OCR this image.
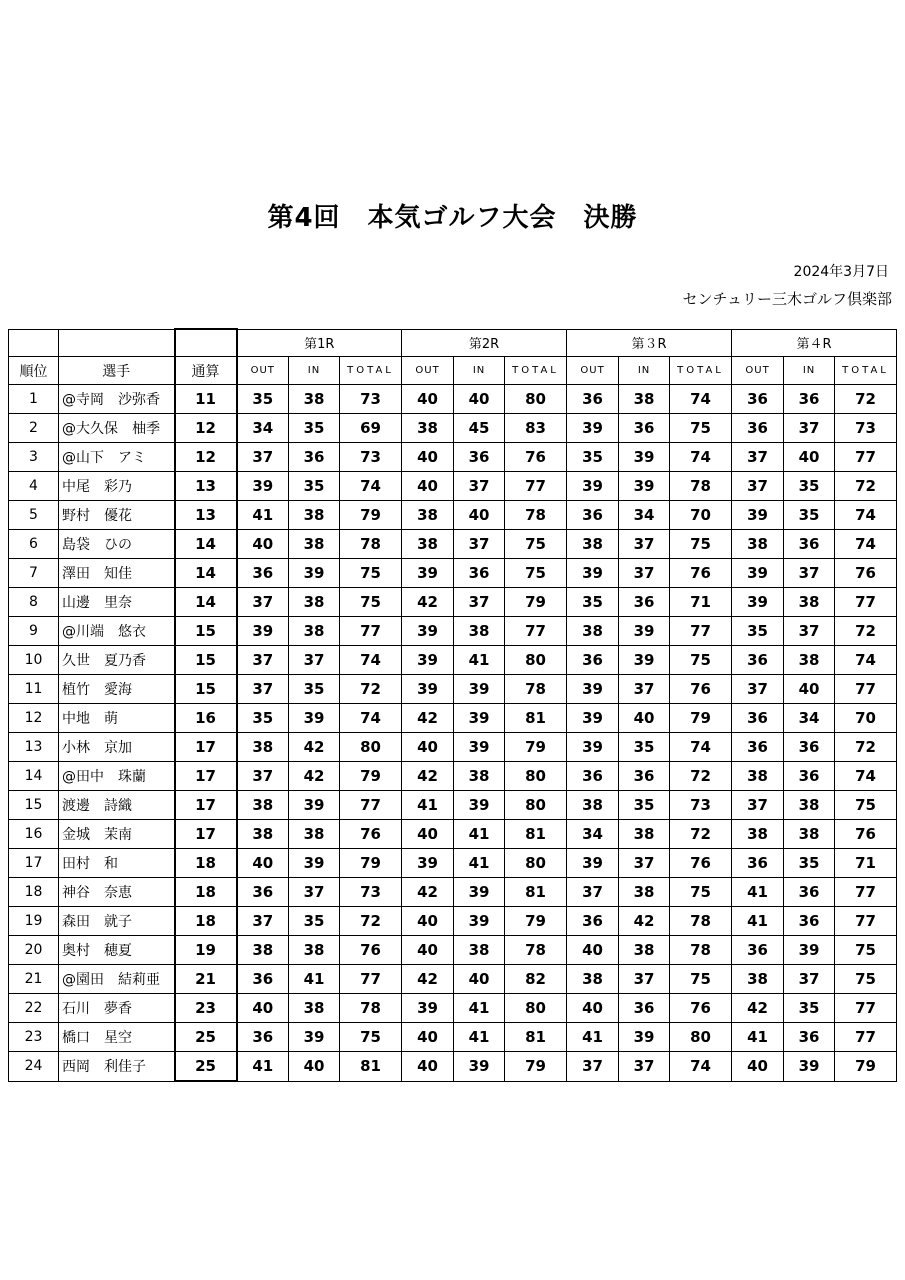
第4回　本気ゴルフ大会　決勝
2024年3月7日
センチュリー三木ゴルフ倶楽部
			第1R			第2R			第３R			第４R		
順位	選手	通算	OUT	IN	TOTAL	OUT	IN	TOTAL	OUT	IN	TOTAL	OUT	IN	TOTAL
1	@寺岡　沙弥香	11	35	38	73	40	40	80	36	38	74	36	36	72
2	@大久保　柚季	12	34	35	69	38	45	83	39	36	75	36	37	73
3	@山下　アミ	12	37	36	73	40	36	76	35	39	74	37	40	77
4	中尾　彩乃	13	39	35	74	40	37	77	39	39	78	37	35	72
5	野村　優花	13	41	38	79	38	40	78	36	34	70	39	35	74
6	島袋　ひの	14	40	38	78	38	37	75	38	37	75	38	36	74
7	澤田　知佳	14	36	39	75	39	36	75	39	37	76	39	37	76
8	山邊　里奈	14	37	38	75	42	37	79	35	36	71	39	38	77
9	@川端　悠衣	15	39	38	77	39	38	77	38	39	77	35	37	72
10	久世　夏乃香	15	37	37	74	39	41	80	36	39	75	36	38	74
11	植竹　愛海	15	37	35	72	39	39	78	39	37	76	37	40	77
12	中地　萌	16	35	39	74	42	39	81	39	40	79	36	34	70
13	小林　京加	17	38	42	80	40	39	79	39	35	74	36	36	72
14	@田中　珠蘭	17	37	42	79	42	38	80	36	36	72	38	36	74
15	渡邊　詩織	17	38	39	77	41	39	80	38	35	73	37	38	75
16	金城　茉南	17	38	38	76	40	41	81	34	38	72	38	38	76
17	田村　和	18	40	39	79	39	41	80	39	37	76	36	35	71
18	神谷　奈恵	18	36	37	73	42	39	81	37	38	75	41	36	77
19	森田　就子	18	37	35	72	40	39	79	36	42	78	41	36	77
20	奥村　穂夏	19	38	38	76	40	38	78	40	38	78	36	39	75
21	@園田　結莉亜	21	36	41	77	42	40	82	38	37	75	38	37	75
22	石川　夢香	23	40	38	78	39	41	80	40	36	76	42	35	77
23	橋口　星空	25	36	39	75	40	41	81	41	39	80	41	36	77
24	西岡　利佳子	25	41	40	81	40	39	79	37	37	74	40	39	79
